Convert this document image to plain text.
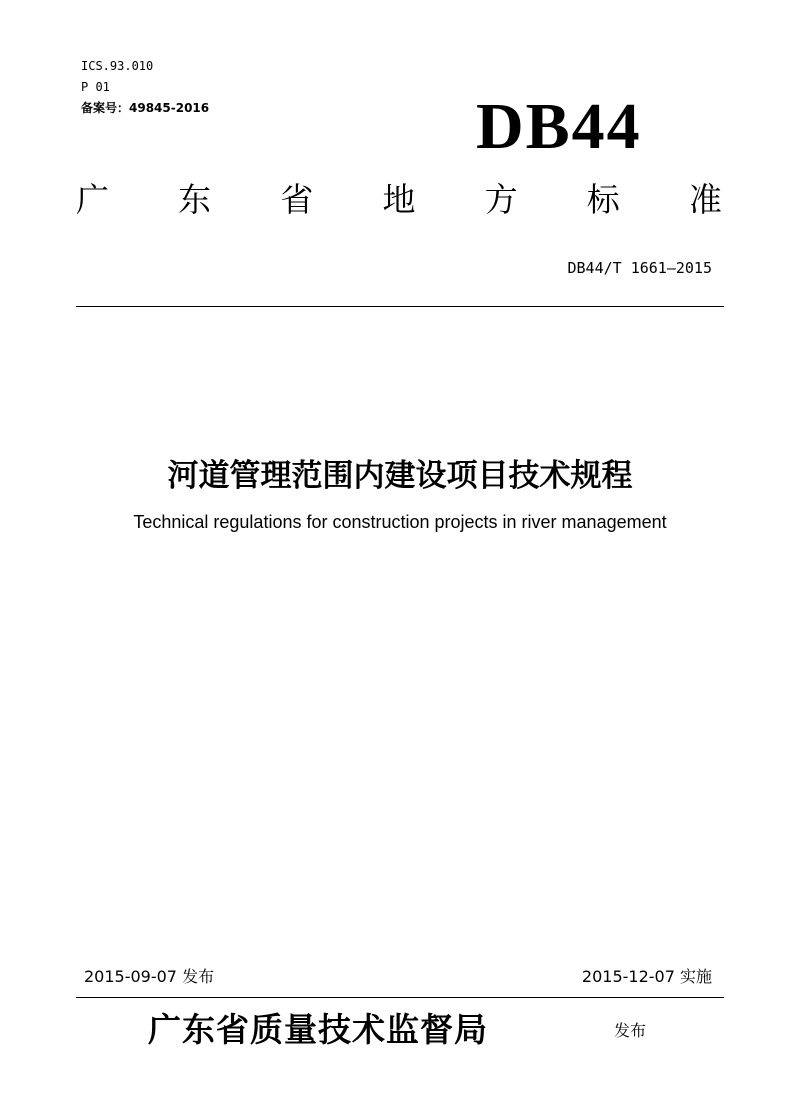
ICS.93.010
P 01
备案号：49845-2016	DB44
广 东 省 地 方 标 准
DB44/T 1661—2015
河道管理范围内建设项目技术规程
Technical regulations for construction projects in river management
2015-09-07 发布	2015-12-07 实施
广东省质量技术监督局	发布
